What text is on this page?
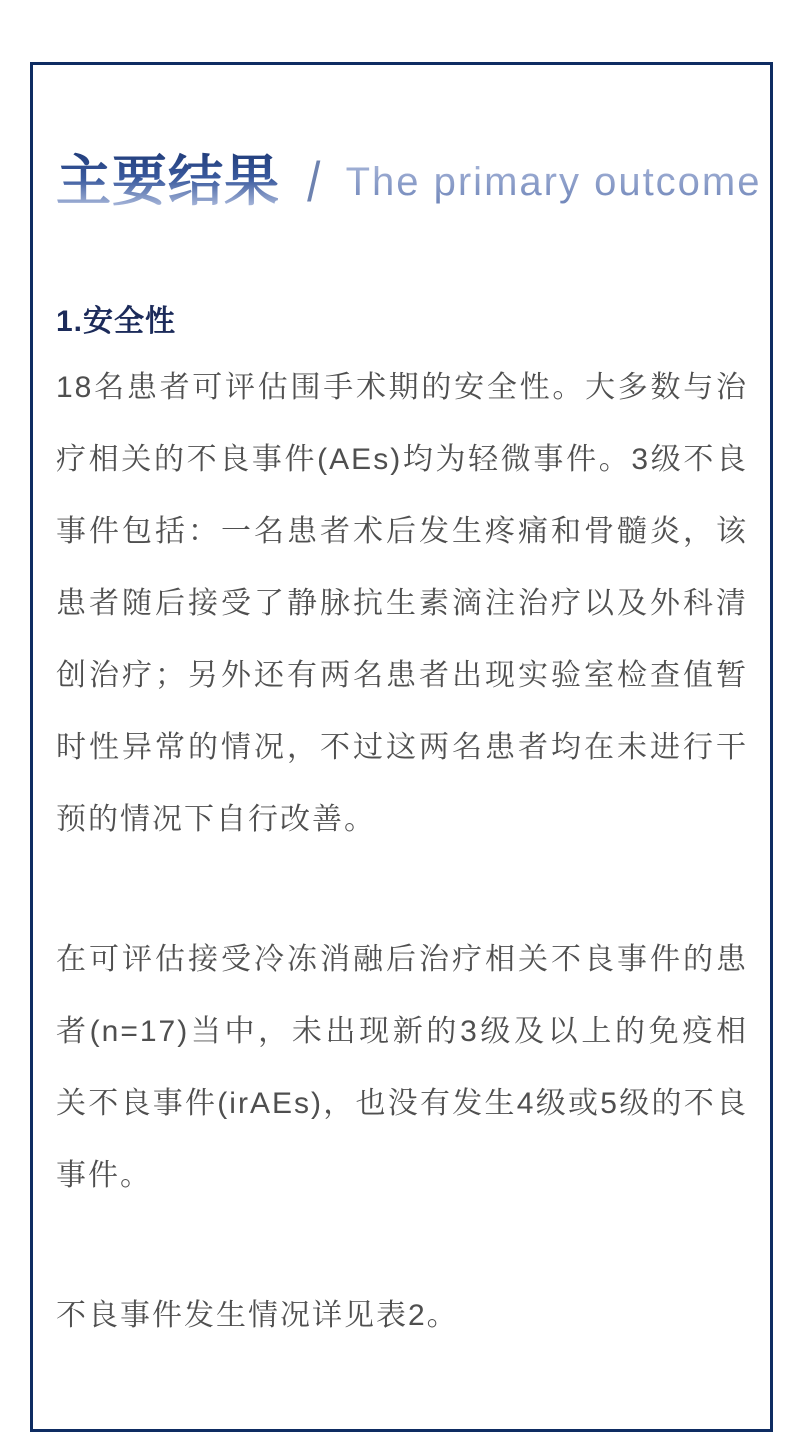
主要结果 / The primary outcome
1.安全性

18名患者可评估围手术期的安全性。大多数与治疗相关的不良事件(AEs)均为轻微事件。3级不良事件包括：一名患者术后发生疼痛和骨髓炎，该患者随后接受了静脉抗生素滴注治疗以及外科清创治疗；另外还有两名患者出现实验室检查值暂时性异常的情况，不过这两名患者均在未进行干预的情况下自行改善。

在可评估接受冷冻消融后治疗相关不良事件的患者(n=17)当中，未出现新的3级及以上的免疫相关不良事件(irAEs)，也没有发生4级或5级的不良事件。

不良事件发生情况详见表2。
